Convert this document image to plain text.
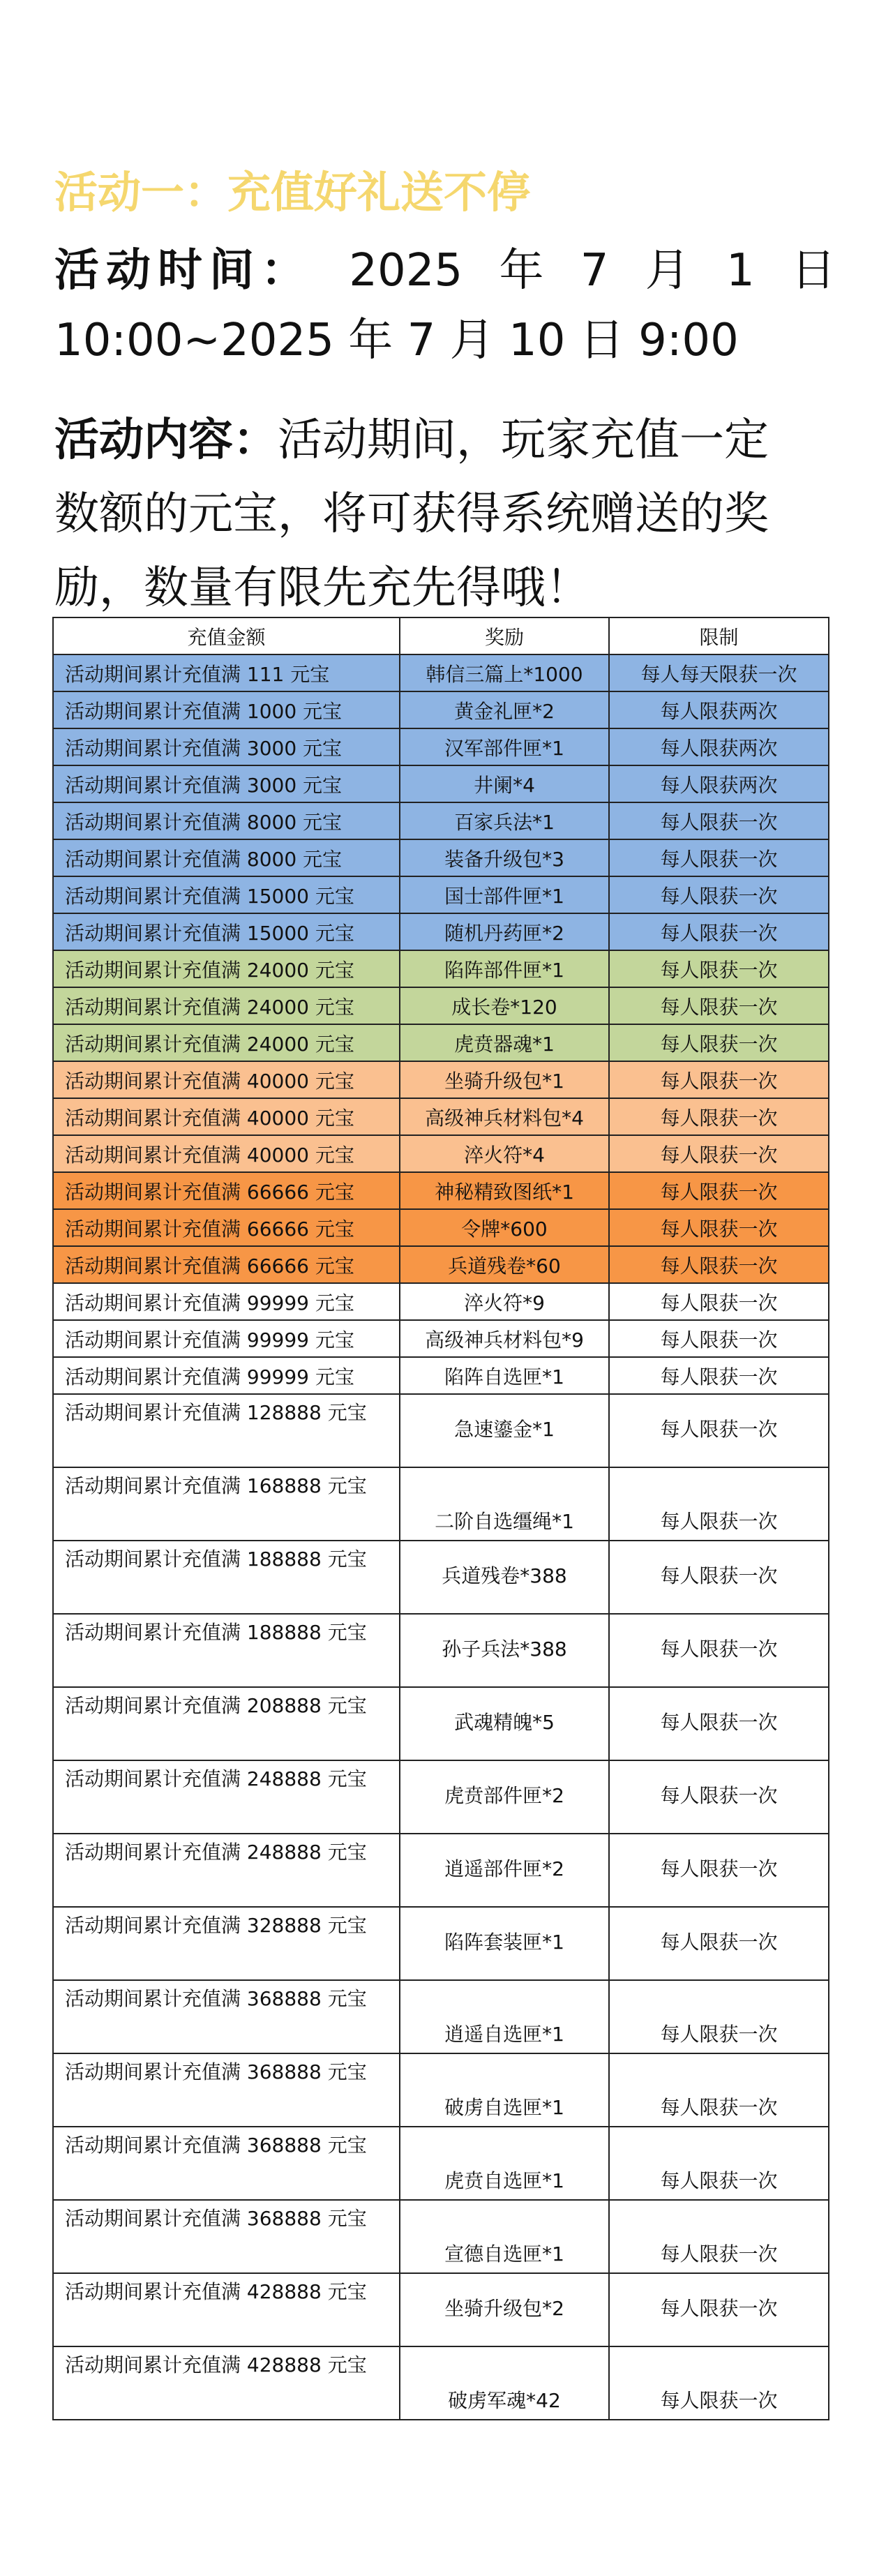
活动一：充值好礼送不停
活动时间： 2025 年 7 月 1 日
10:00~2025 年 7 月 10 日 9:00
活动内容：活动期间，玩家充值一定
数额的元宝，将可获得系统赠送的奖
励，数量有限先充先得哦！
充值金额	奖励	限制
活动期间累计充值满 111 元宝	韩信三篇上*1000	每人每天限获一次
活动期间累计充值满 1000 元宝	黄金礼匣*2	每人限获两次
活动期间累计充值满 3000 元宝	汉军部件匣*1	每人限获两次
活动期间累计充值满 3000 元宝	井阑*4	每人限获两次
活动期间累计充值满 8000 元宝	百家兵法*1	每人限获一次
活动期间累计充值满 8000 元宝	装备升级包*3	每人限获一次
活动期间累计充值满 15000 元宝	国士部件匣*1	每人限获一次
活动期间累计充值满 15000 元宝	随机丹药匣*2	每人限获一次
活动期间累计充值满 24000 元宝	陷阵部件匣*1	每人限获一次
活动期间累计充值满 24000 元宝	成长卷*120	每人限获一次
活动期间累计充值满 24000 元宝	虎贲器魂*1	每人限获一次
活动期间累计充值满 40000 元宝	坐骑升级包*1	每人限获一次
活动期间累计充值满 40000 元宝	高级神兵材料包*4	每人限获一次
活动期间累计充值满 40000 元宝	淬火符*4	每人限获一次
活动期间累计充值满 66666 元宝	神秘精致图纸*1	每人限获一次
活动期间累计充值满 66666 元宝	令牌*600	每人限获一次
活动期间累计充值满 66666 元宝	兵道残卷*60	每人限获一次
活动期间累计充值满 99999 元宝	淬火符*9	每人限获一次
活动期间累计充值满 99999 元宝	高级神兵材料包*9	每人限获一次
活动期间累计充值满 99999 元宝	陷阵自选匣*1	每人限获一次
活动期间累计充值满 128888 元宝	急速鎏金*1	每人限获一次
活动期间累计充值满 168888 元宝	二阶自选缰绳*1	每人限获一次
活动期间累计充值满 188888 元宝	兵道残卷*388	每人限获一次
活动期间累计充值满 188888 元宝	孙子兵法*388	每人限获一次
活动期间累计充值满 208888 元宝	武魂精魄*5	每人限获一次
活动期间累计充值满 248888 元宝	虎贲部件匣*2	每人限获一次
活动期间累计充值满 248888 元宝	逍遥部件匣*2	每人限获一次
活动期间累计充值满 328888 元宝	陷阵套装匣*1	每人限获一次
活动期间累计充值满 368888 元宝	逍遥自选匣*1	每人限获一次
活动期间累计充值满 368888 元宝	破虏自选匣*1	每人限获一次
活动期间累计充值满 368888 元宝	虎贲自选匣*1	每人限获一次
活动期间累计充值满 368888 元宝	宣德自选匣*1	每人限获一次
活动期间累计充值满 428888 元宝	坐骑升级包*2	每人限获一次
活动期间累计充值满 428888 元宝	破虏军魂*42	每人限获一次
